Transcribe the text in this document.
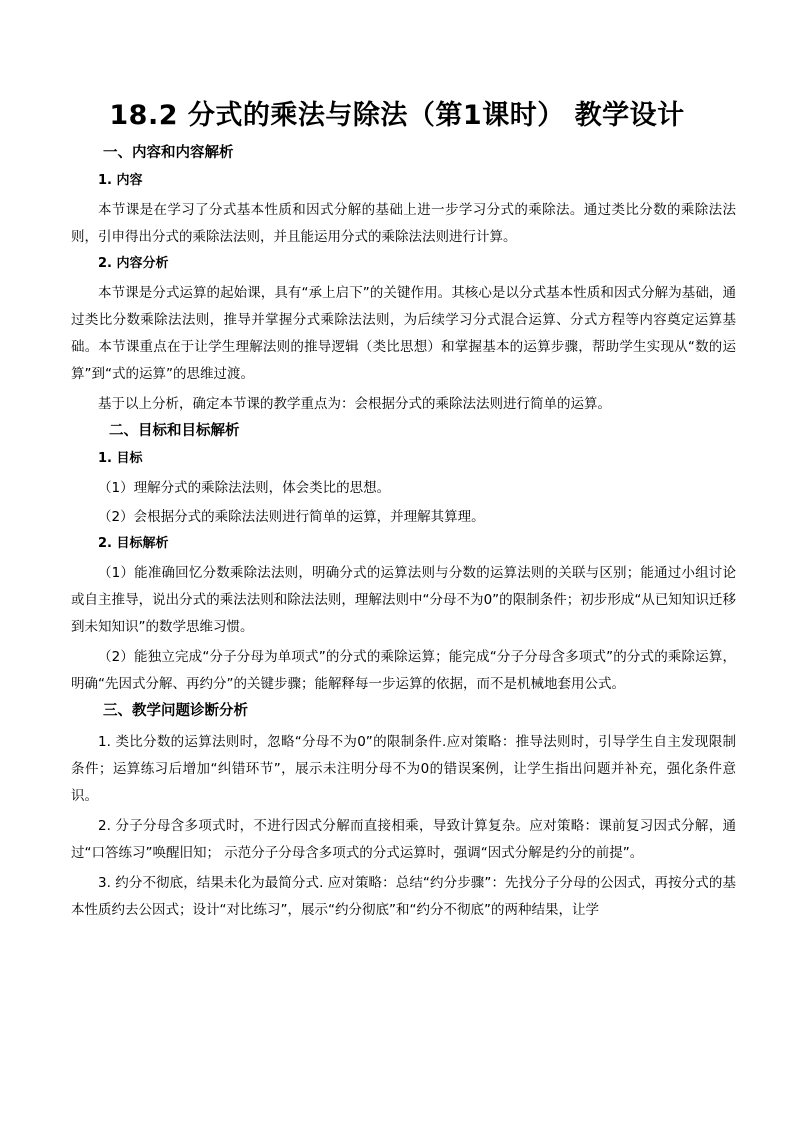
18.2 分式的乘法与除法（第1课时） 教学设计
一、内容和内容解析
1. 内容

本节课是在学习了分式基本性质和因式分解的基础上进一步学习分式的乘除法。通过类比分数的乘除法法则，引申得出分式的乘除法法则，并且能运用分式的乘除法法则进行计算。

2. 内容分析

本节课是分式运算的起始课，具有“承上启下”的关键作用。其核心是以分式基本性质和因式分解为基础，通过类比分数乘除法法则，推导并掌握分式乘除法法则，为后续学习分式混合运算、分式方程等内容奠定运算基础。本节课重点在于让学生理解法则的推导逻辑（类比思想）和掌握基本的运算步骤，帮助学生实现从“数的运算”到“式的运算”的思维过渡。

基于以上分析，确定本节课的教学重点为：会根据分式的乘除法法则进行简单的运算。

二、目标和目标解析
1. 目标

（1）理解分式的乘除法法则，体会类比的思想。

（2）会根据分式的乘除法法则进行简单的运算，并理解其算理。

2. 目标解析

（1）能准确回忆分数乘除法法则，明确分式的运算法则与分数的运算法则的关联与区别；能通过小组讨论或自主推导，说出分式的乘法法则和除法法则，理解法则中“分母不为0”的限制条件；初步形成“从已知知识迁移到未知知识”的数学思维习惯。

（2）能独立完成“分子分母为单项式”的分式的乘除运算；能完成“分子分母含多项式”的分式的乘除运算，明确“先因式分解、再约分”的关键步骤；能解释每一步运算的依据，而不是机械地套用公式。

三、教学问题诊断分析

1. 类比分数的运算法则时，忽略“分母不为0”的限制条件.应对策略：推导法则时，引导学生自主发现限制条件；运算练习后增加“纠错环节”，展示未注明分母不为0的错误案例，让学生指出问题并补充，强化条件意识。

2. 分子分母含多项式时，不进行因式分解而直接相乘，导致计算复杂。应对策略：课前复习因式分解，通过“口答练习”唤醒旧知； 示范分子分母含多项式的分式运算时，强调“因式分解是约分的前提”。

3. 约分不彻底，结果未化为最简分式. 应对策略：总结“约分步骤”：先找分子分母的公因式，再按分式的基本性质约去公因式；设计“对比练习”，展示“约分彻底”和“约分不彻底”的两种结果，让学
